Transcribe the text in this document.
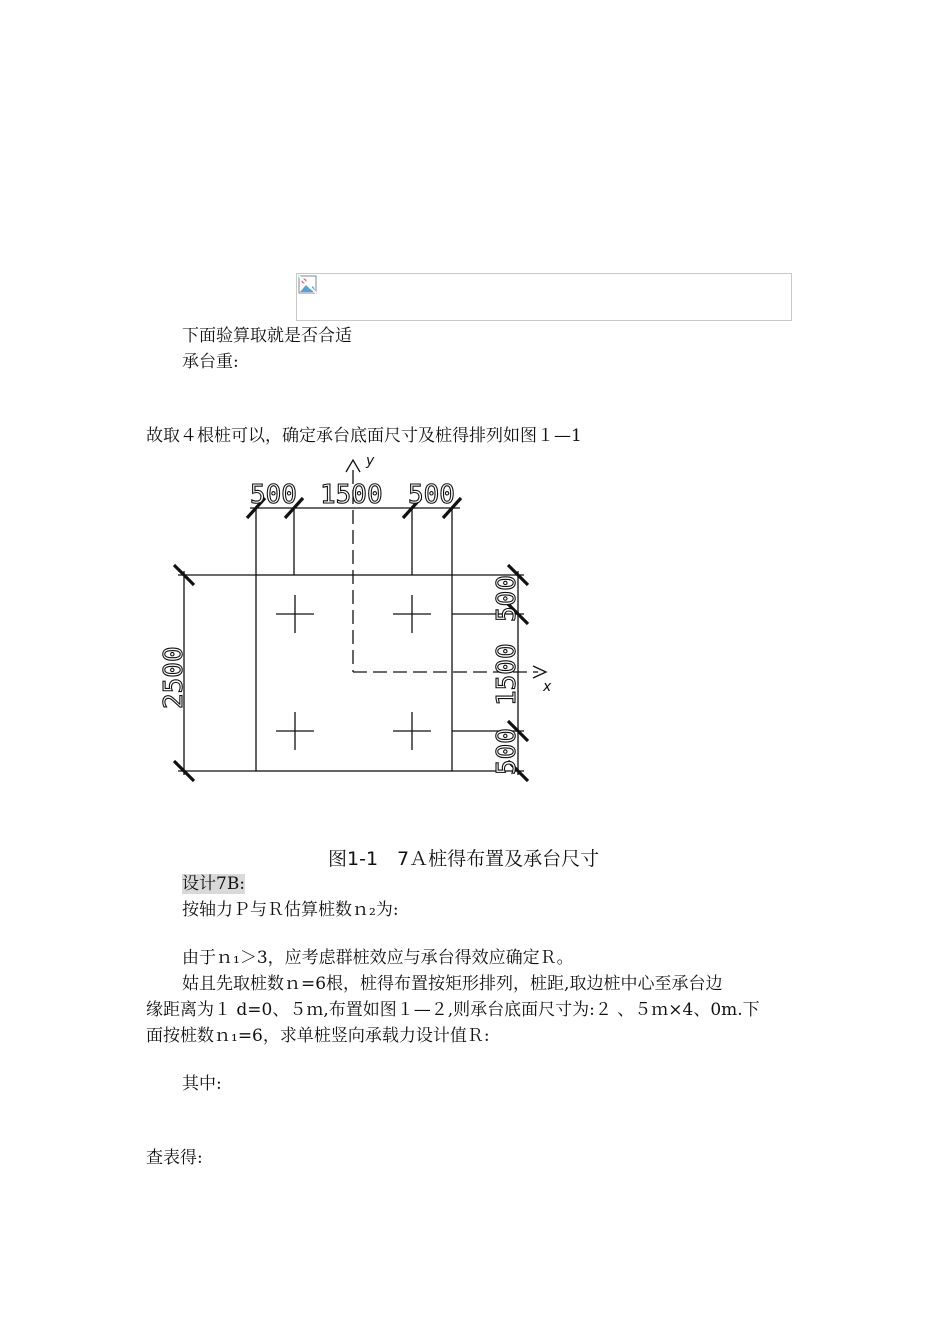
下面验算取就是否合适
承台重:
故取４根桩可以，确定承台底面尺寸及桩得排列如图１—1
500 1500 500
2500
500
1500
500
y
x
图1-1　7Ａ桩得布置及承台尺寸
设计7B:
按轴力Ｐ与Ｒ估算桩数ｎ₂为:
由于ｎ₁＞3，应考虑群桩效应与承台得效应确定Ｒ。
姑且先取桩数ｎ=6根，桩得布置按矩形排列，桩距,取边桩中心至承台边
缘距离为１ d=0、５ｍ,布置如图１—２,则承台底面尺寸为:２ 、５ｍ×4、0m.下
面按桩数ｎ₁=6，求单桩竖向承载力设计值Ｒ:
其中:
查表得:
